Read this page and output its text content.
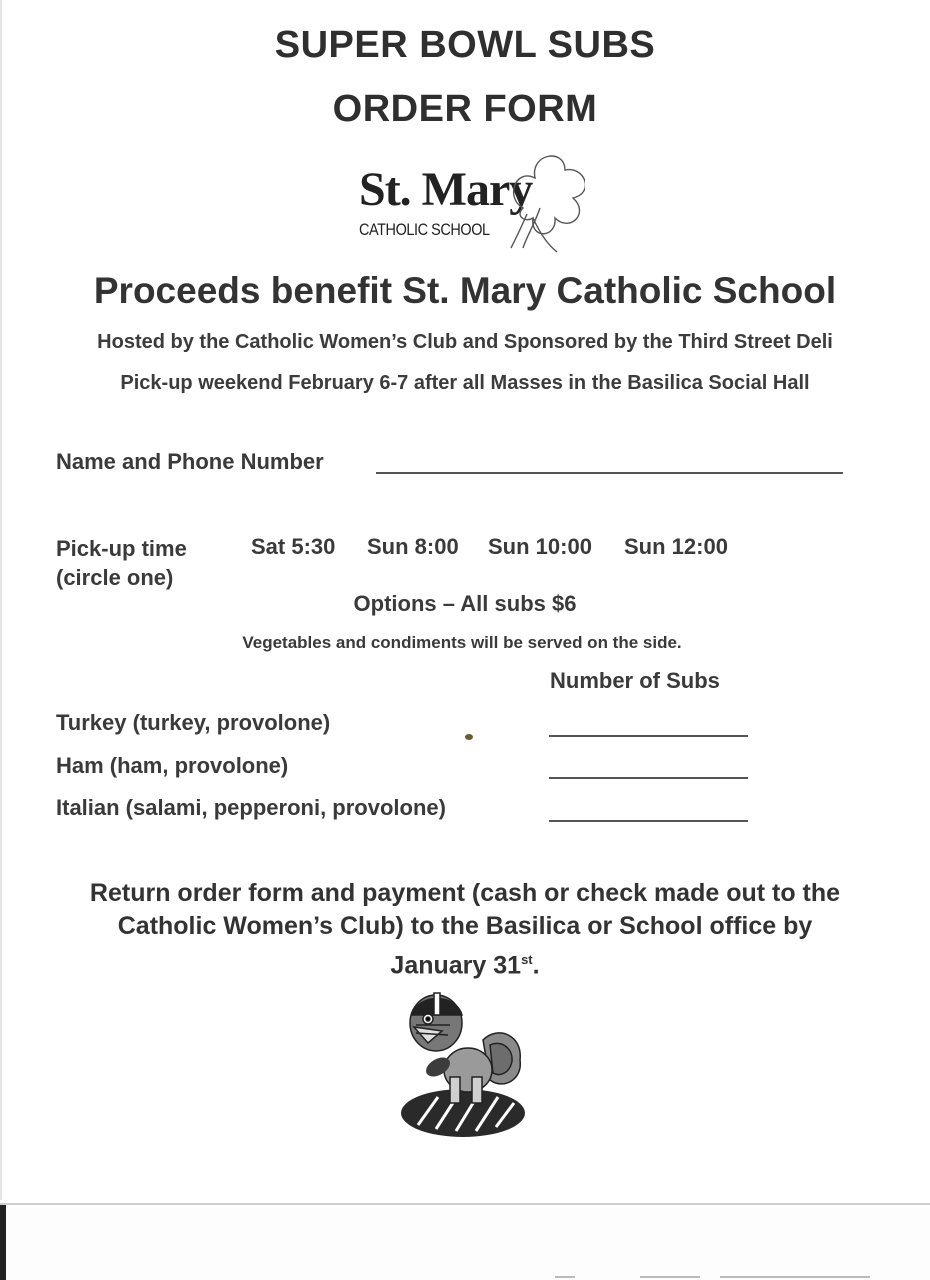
SUPER BOWL SUBS
ORDER FORM
St. Mary
CATHOLIC SCHOOL
Proceeds benefit St. Mary Catholic School
Hosted by the Catholic Women’s Club and Sponsored by the Third Street Deli
Pick-up weekend February 6-7 after all Masses in the Basilica Social Hall
Name and Phone Number
Pick-up time
(circle one)
Sat 5:30 Sun 8:00 Sun 10:00 Sun 12:00
Options – All subs $6
Vegetables and condiments will be served on the side.
Number of Subs
Turkey (turkey, provolone)
Ham (ham, provolone)
Italian (salami, pepperoni, provolone)
Return order form and payment (cash or check made out to the
Catholic Women’s Club) to the Basilica or School office by
January 31st.
